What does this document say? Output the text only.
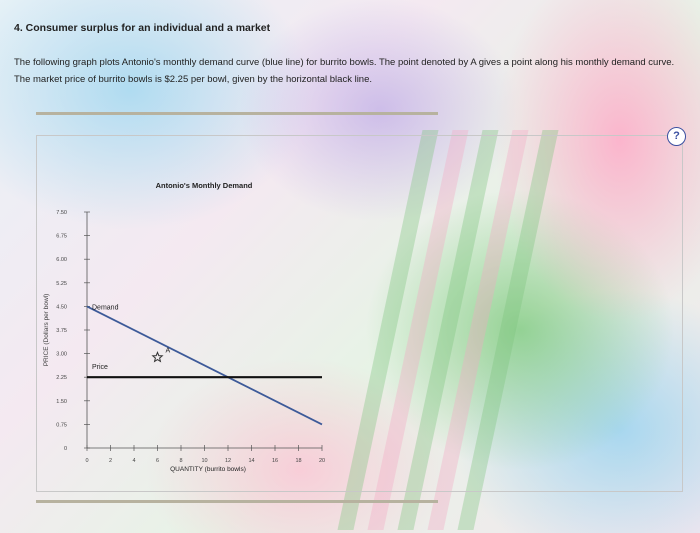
4. Consumer surplus for an individual and a market
The following graph plots Antonio's monthly demand curve (blue line) for burrito bowls. The point denoted by A gives a point along his monthly demand curve. The market price of burrito bowls is $2.25 per bowl, given by the horizontal black line.
?
Antonio's Monthly Demand
0
0.75
1.50
2.25
3.00
3.75
4.50
5.25
6.00
6.75
7.50
0	2	4	6	8	10	12	14	16	18	20
Demand
Price
A
PRICE (Dollars per bowl)
QUANTITY (burrito bowls)
